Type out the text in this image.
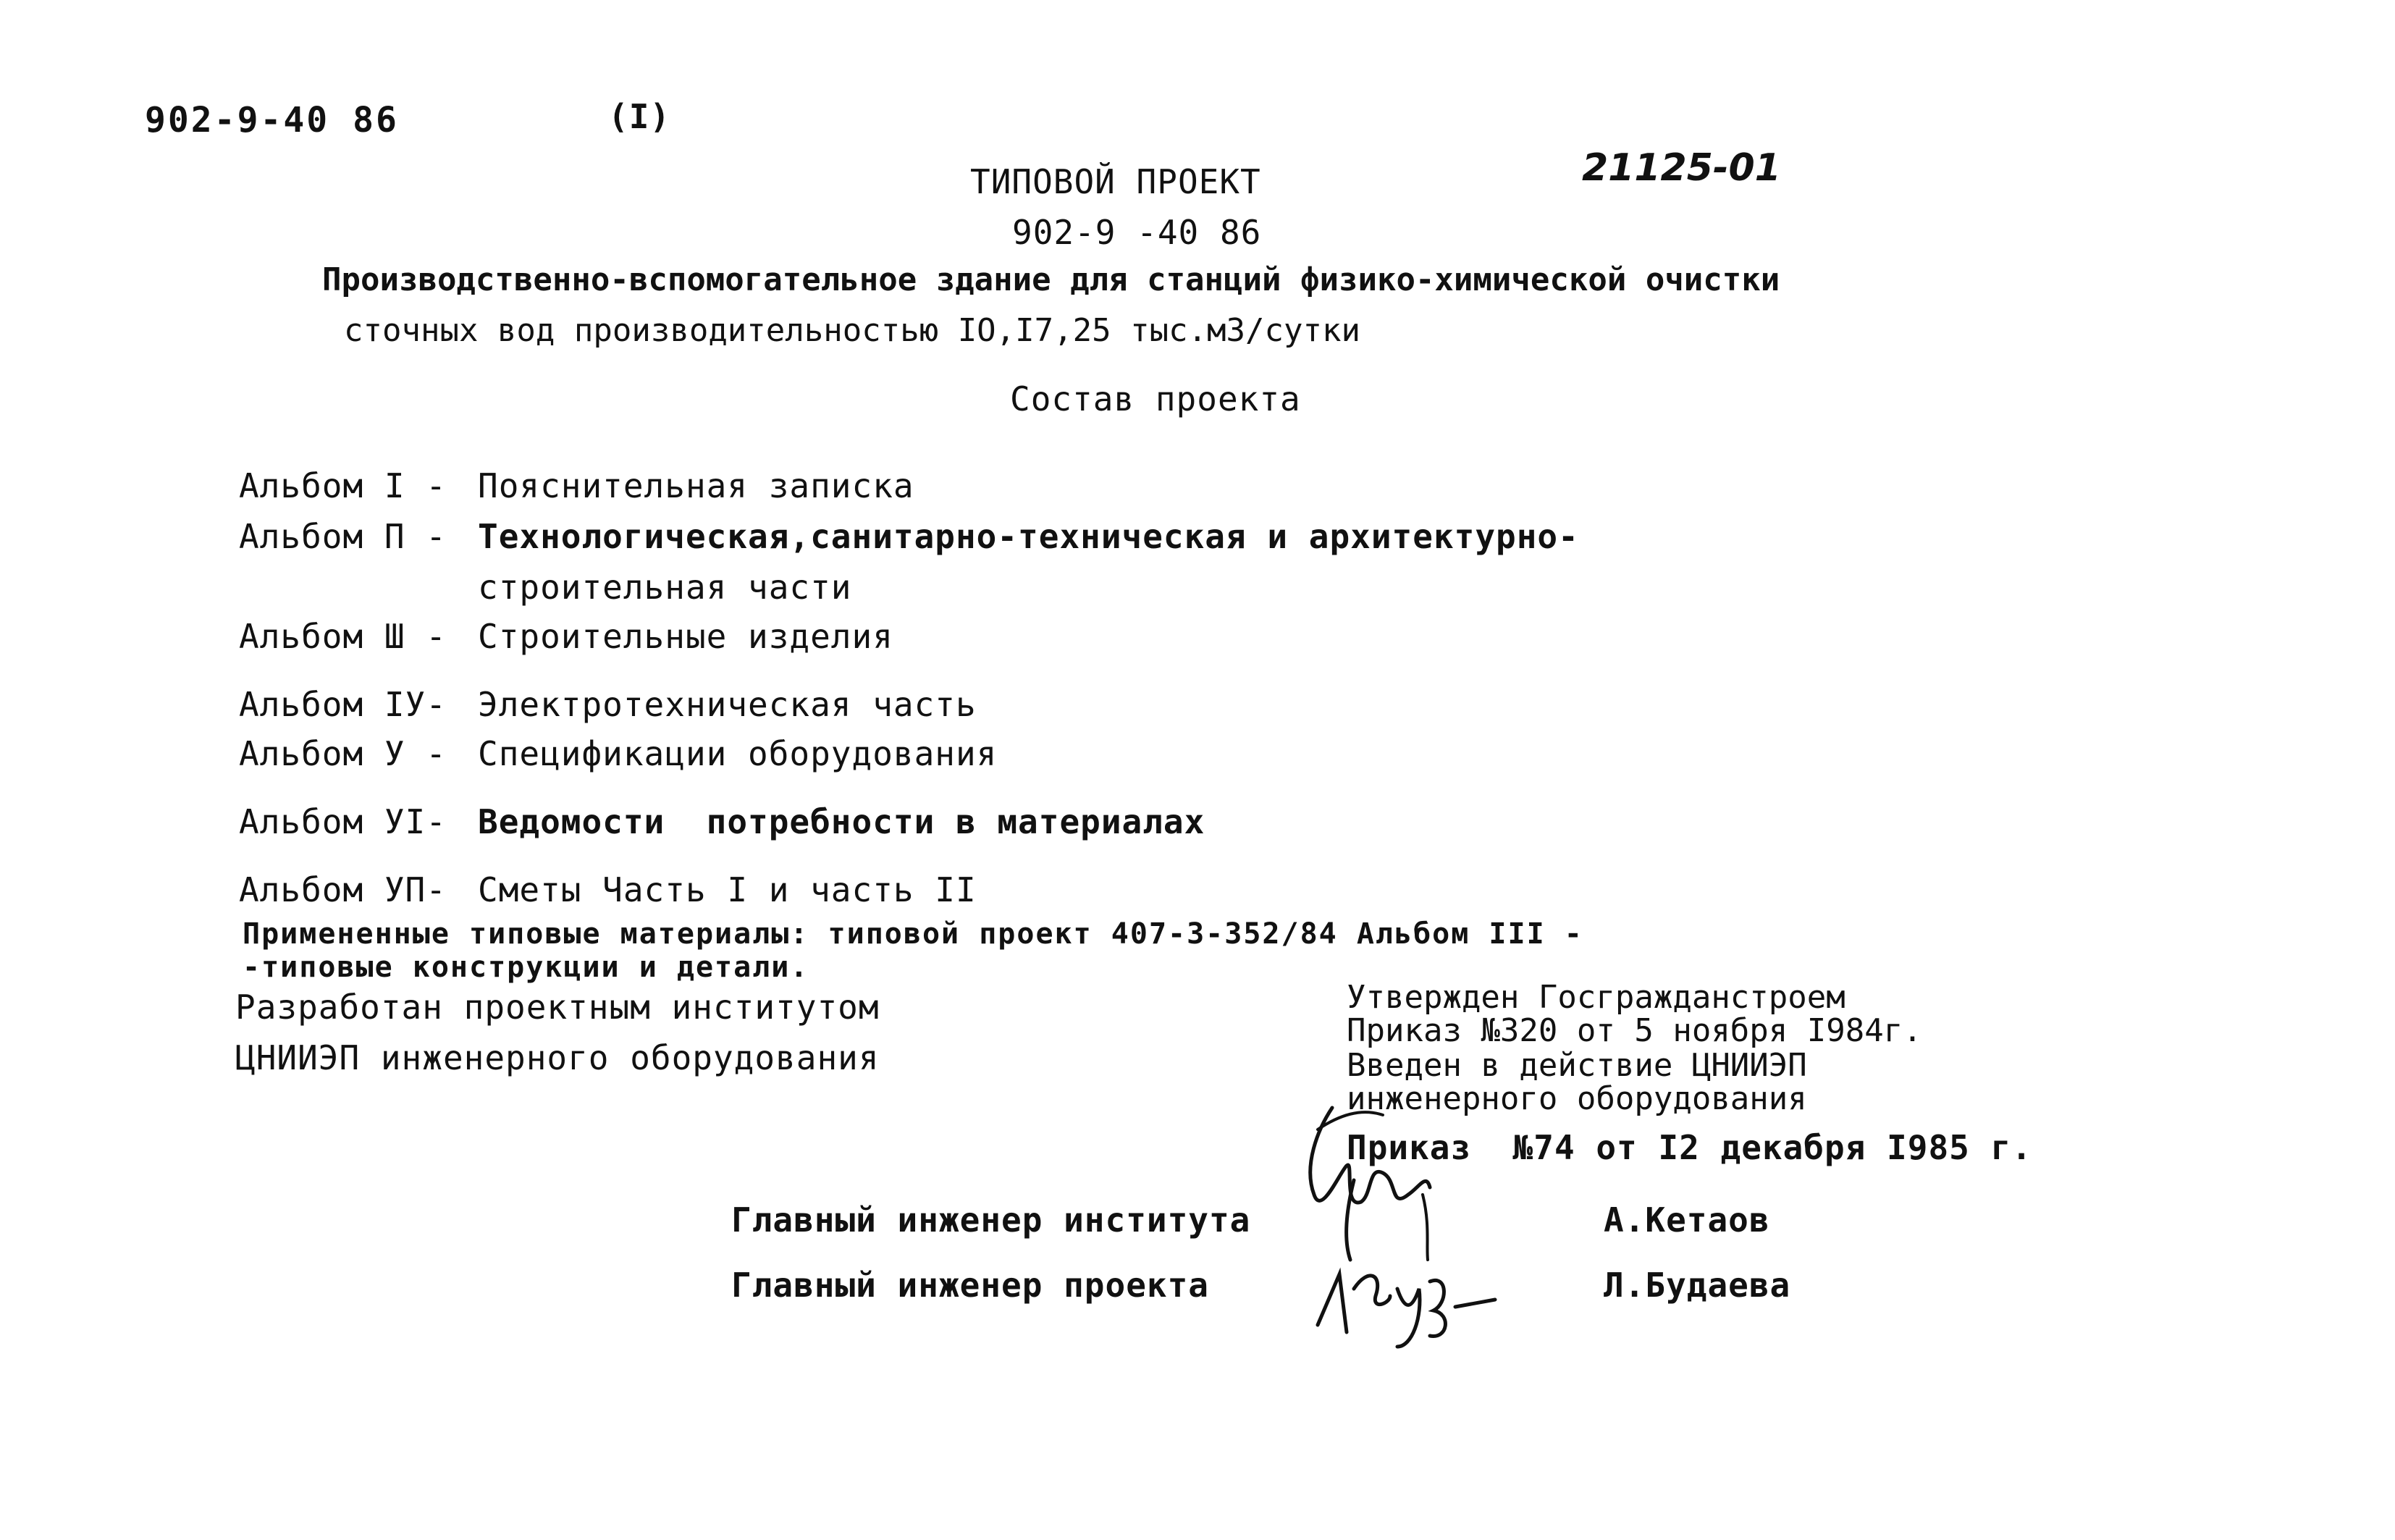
902-9-40 86	(I)
21125-01
ТИПОВОЙ ПРОЕКТ
902-9 -40 86
Производственно-вспомогательное здание для станций физико-химической очистки
сточных вод производительностью IO,I7,25 тыс.м3/сутки
Состав проекта
Альбом I - Пояснительная записка
Альбом П - Технологическая,санитарно-техническая и архитектурно-
строительная части
Альбом Ш - Строительные изделия
Альбом IУ- Электротехническая часть
Альбом У - Спецификации оборудования
Альбом УI- Ведомости  потребности в материалах
Альбом УП- Сметы Часть I и часть II
Примененные типовые материалы: типовой проект 407-3-352/84 Альбом III -
-типовые конструкции и детали.
Разработан проектным институтом
ЦНИИЭП инженерного оборудования
Утвержден Госгражданстроем
Приказ №320 от 5 ноября I984г.
Введен в действие ЦНИИЭП
инженерного оборудования
Приказ  №74 от I2 декабря I985 г.
Главный инженер института	А.Кетаов
Главный инженер проекта	Л.Будаева
